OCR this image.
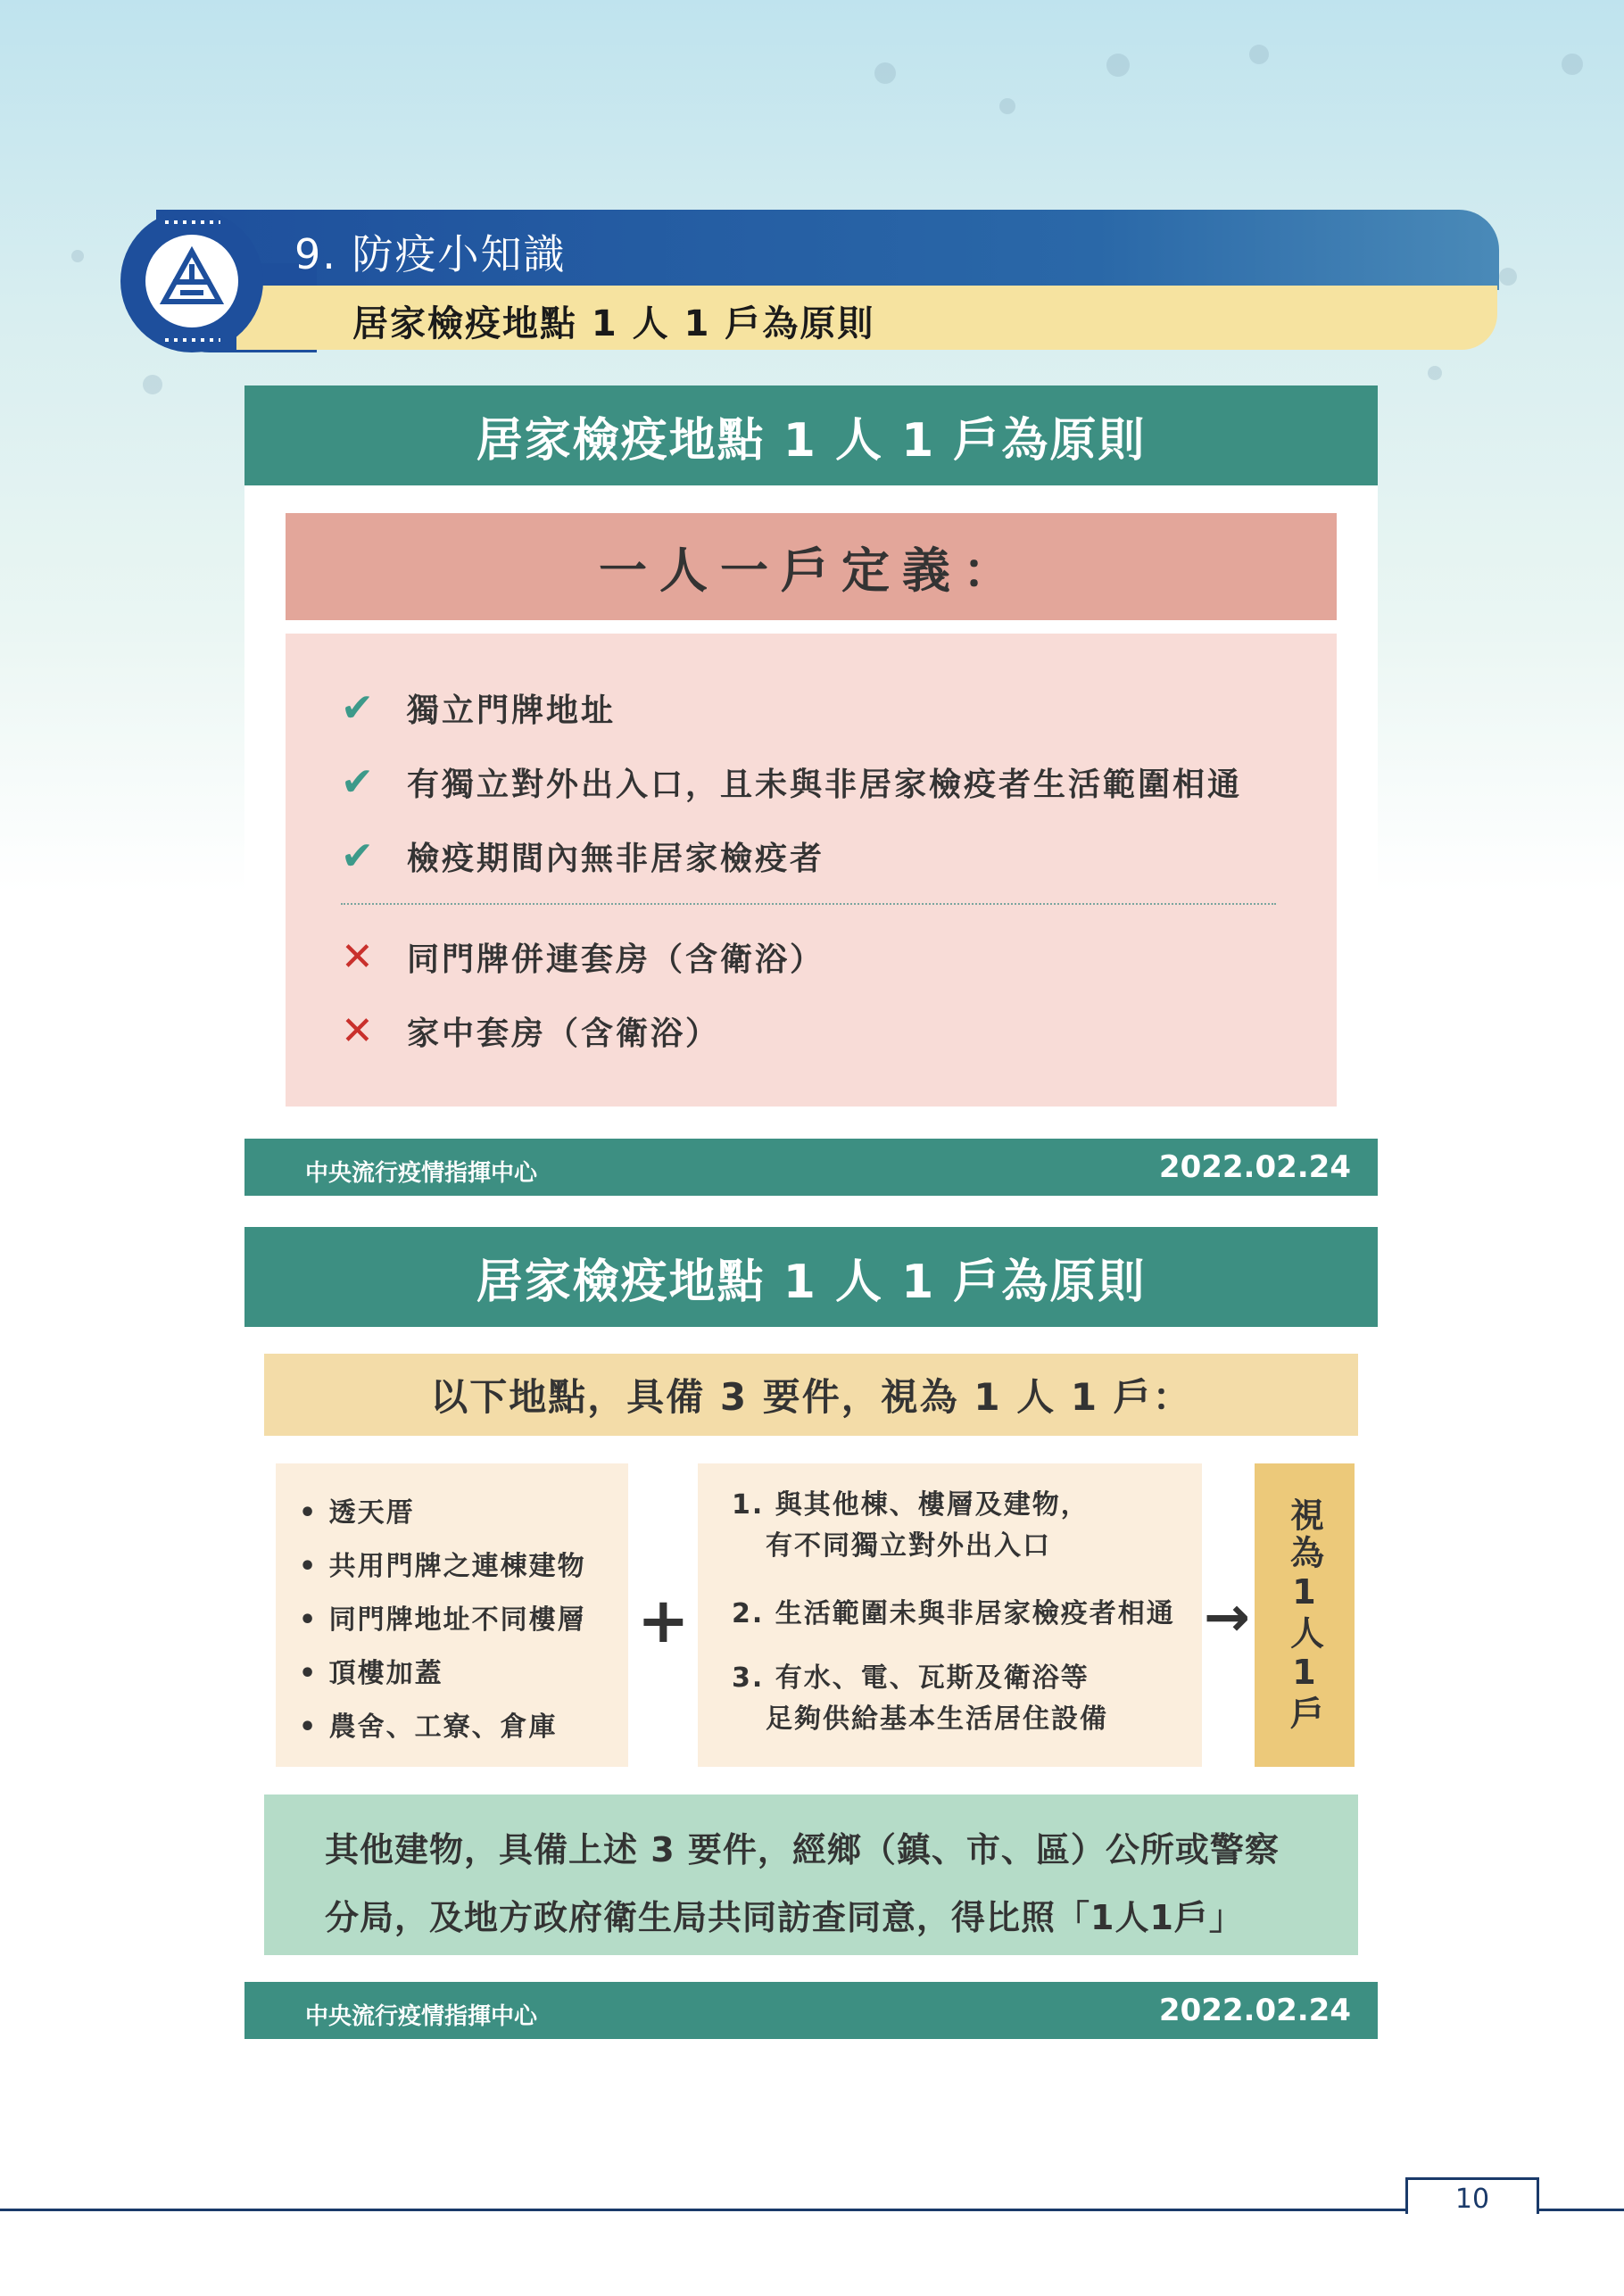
9. 防疫小知識
居家檢疫地點 1 人 1 戶為原則
居家檢疫地點 1 人 1 戶為原則
一人一戶定義：
✔ 獨立門牌地址
✔ 有獨立對外出入口，且未與非居家檢疫者生活範圍相通
✔ 檢疫期間內無非居家檢疫者
✕ 同門牌併連套房（含衛浴）
✕ 家中套房（含衛浴）
中央流行疫情指揮中心	2022.02.24
居家檢疫地點 1 人 1 戶為原則
以下地點，具備 3 要件，視為 1 人 1 戶：
• 透天厝
• 共用門牌之連棟建物
• 同門牌地址不同樓層
• 頂樓加蓋
• 農舍、工寮、倉庫
+
1. 與其他棟、樓層及建物，
有不同獨立對外出入口
2. 生活範圍未與非居家檢疫者相通
3. 有水、電、瓦斯及衛浴等
足夠供給基本生活居住設備
→ 視為1人1戶
其他建物，具備上述 3 要件，經鄉（鎮、市、區）公所或警察
分局，及地方政府衛生局共同訪查同意，得比照「1人1戶」
中央流行疫情指揮中心	2022.02.24
10
